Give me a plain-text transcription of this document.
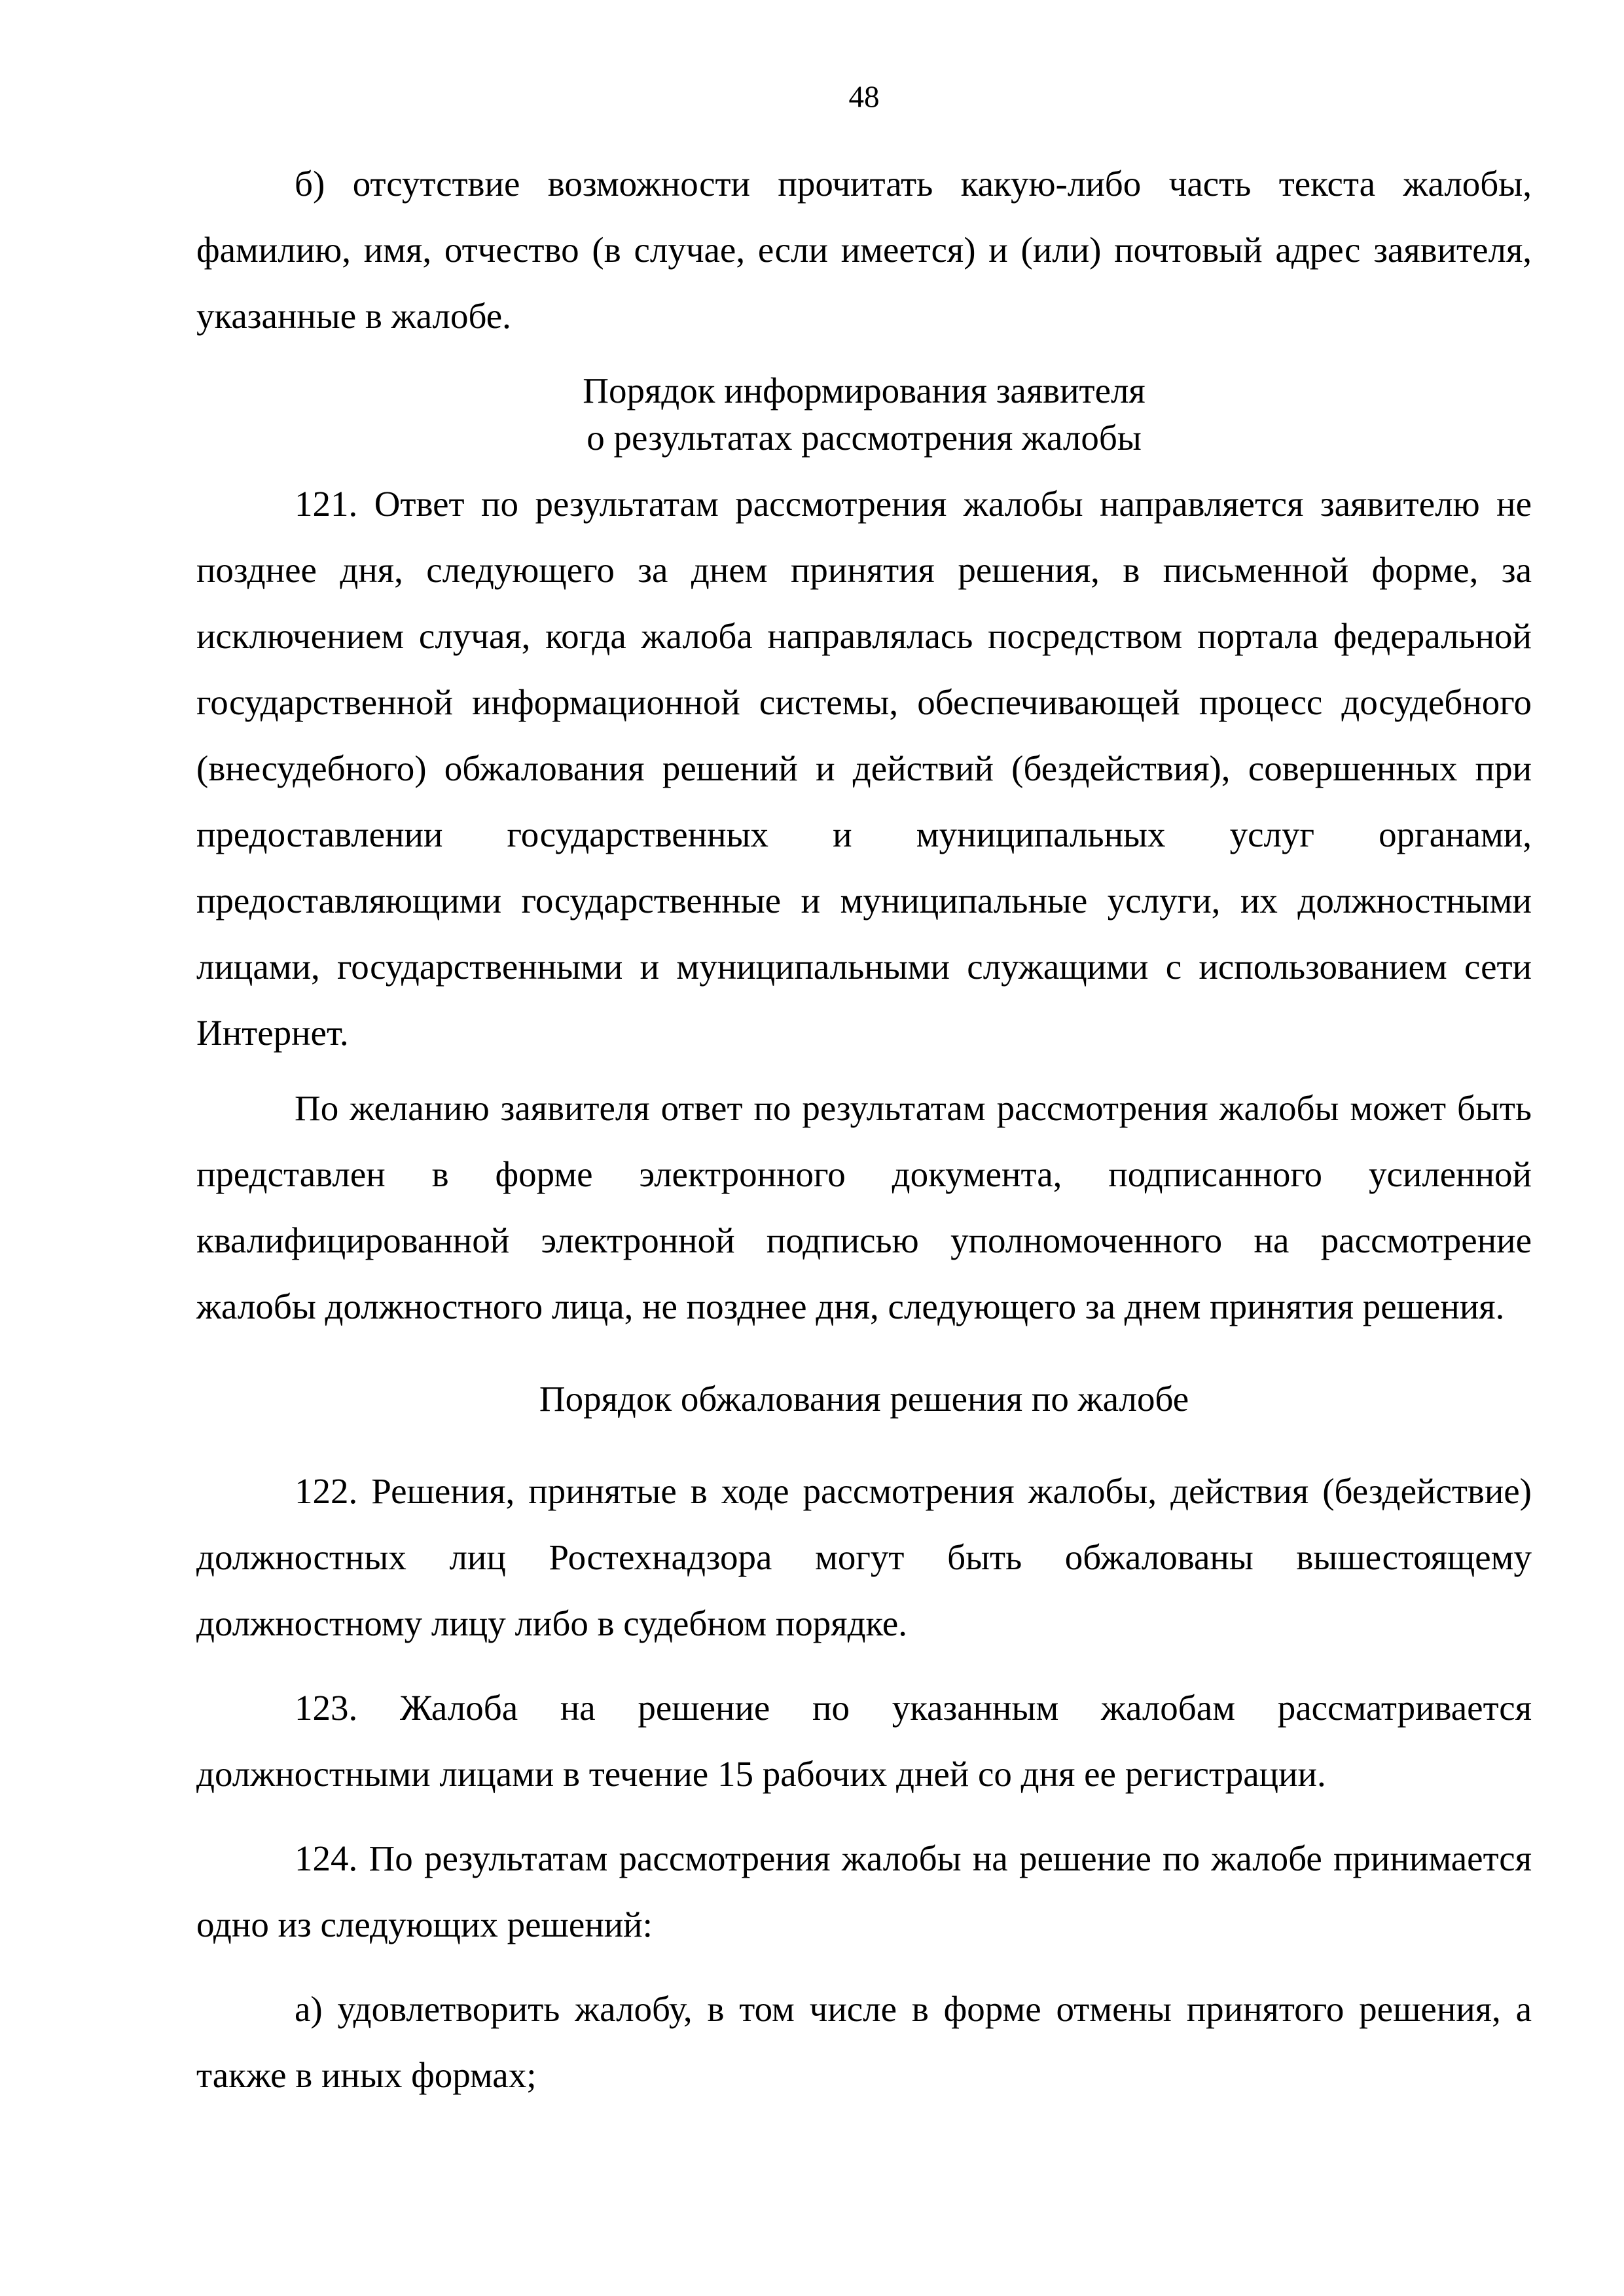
48

б) отсутствие возможности прочитать какую-либо часть текста жалобы, фамилию, имя, отчество (в случае, если имеется) и (или) почтовый адрес заявителя, указанные в жалобе.

Порядок информирования заявителя
о результатах рассмотрения жалобы

121. Ответ по результатам рассмотрения жалобы направляется заявителю не позднее дня, следующего за днем принятия решения, в письменной форме, за исключением случая, когда жалоба направлялась посредством портала федеральной государственной информационной системы, обеспечивающей процесс досудебного (внесудебного) обжалования решений и действий (бездействия), совершенных при предоставлении государственных и муниципальных услуг органами, предоставляющими государственные и муниципальные услуги, их должностными лицами, государственными и муниципальными служащими с использованием сети Интернет.

По желанию заявителя ответ по результатам рассмотрения жалобы может быть представлен в форме электронного документа, подписанного усиленной квалифицированной электронной подписью уполномоченного на рассмотрение жалобы должностного лица, не позднее дня, следующего за днем принятия решения.

Порядок обжалования решения по жалобе

122. Решения, принятые в ходе рассмотрения жалобы, действия (бездействие) должностных лиц Ростехнадзора могут быть обжалованы вышестоящему должностному лицу либо в судебном порядке.

123. Жалоба на решение по указанным жалобам рассматривается должностными лицами в течение 15 рабочих дней со дня ее регистрации.

124. По результатам рассмотрения жалобы на решение по жалобе принимается одно из следующих решений:

а) удовлетворить жалобу, в том числе в форме отмены принятого решения, а также в иных формах;
